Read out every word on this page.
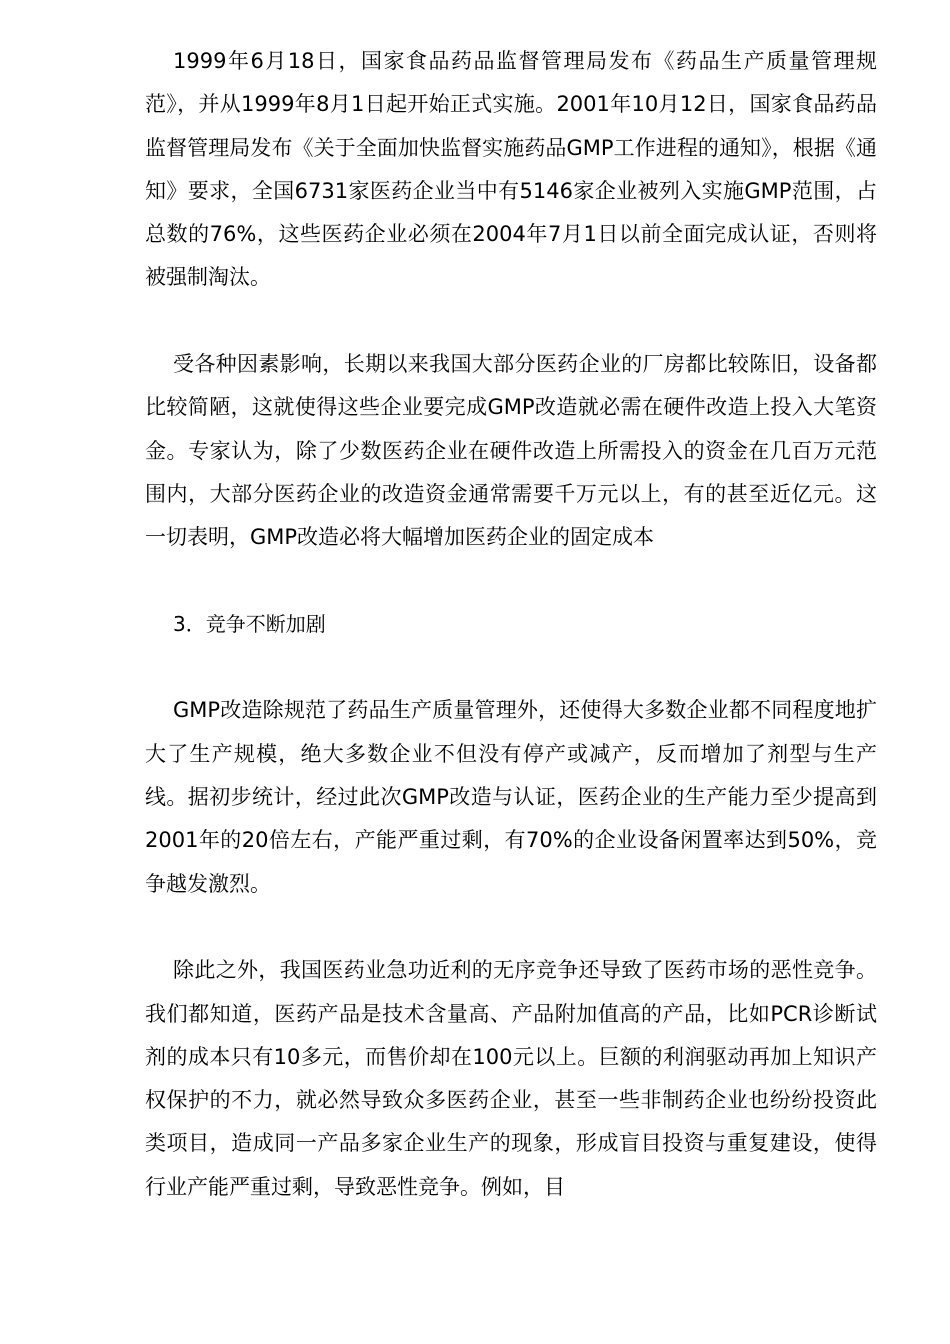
1999年6月18日，国家食品药品监督管理局发布《药品生产质量管理规范》，并从1999年8月1日起开始正式实施。2001年10月12日，国家食品药品监督管理局发布《关于全面加快监督实施药品GMP工作进程的通知》，根据《通知》要求，全国6731家医药企业当中有5146家企业被列入实施GMP范围，占总数的76%，这些医药企业必须在2004年7月1日以前全面完成认证，否则将被强制淘汰。

受各种因素影响，长期以来我国大部分医药企业的厂房都比较陈旧，设备都比较简陋，这就使得这些企业要完成GMP改造就必需在硬件改造上投入大笔资金。专家认为，除了少数医药企业在硬件改造上所需投入的资金在几百万元范围内，大部分医药企业的改造资金通常需要千万元以上，有的甚至近亿元。这一切表明，GMP改造必将大幅增加医药企业的固定成本

3．竞争不断加剧

GMP改造除规范了药品生产质量管理外，还使得大多数企业都不同程度地扩大了生产规模，绝大多数企业不但没有停产或减产，反而增加了剂型与生产线。据初步统计，经过此次GMP改造与认证，医药企业的生产能力至少提高到2001年的20倍左右，产能严重过剩，有70%的企业设备闲置率达到50%，竞争越发激烈。

除此之外，我国医药业急功近利的无序竞争还导致了医药市场的恶性竞争。我们都知道，医药产品是技术含量高、产品附加值高的产品，比如PCR诊断试剂的成本只有10多元，而售价却在100元以上。巨额的利润驱动再加上知识产权保护的不力，就必然导致众多医药企业，甚至一些非制药企业也纷纷投资此类项目，造成同一产品多家企业生产的现象，形成盲目投资与重复建设，使得行业产能严重过剩，导致恶性竞争。例如，目
